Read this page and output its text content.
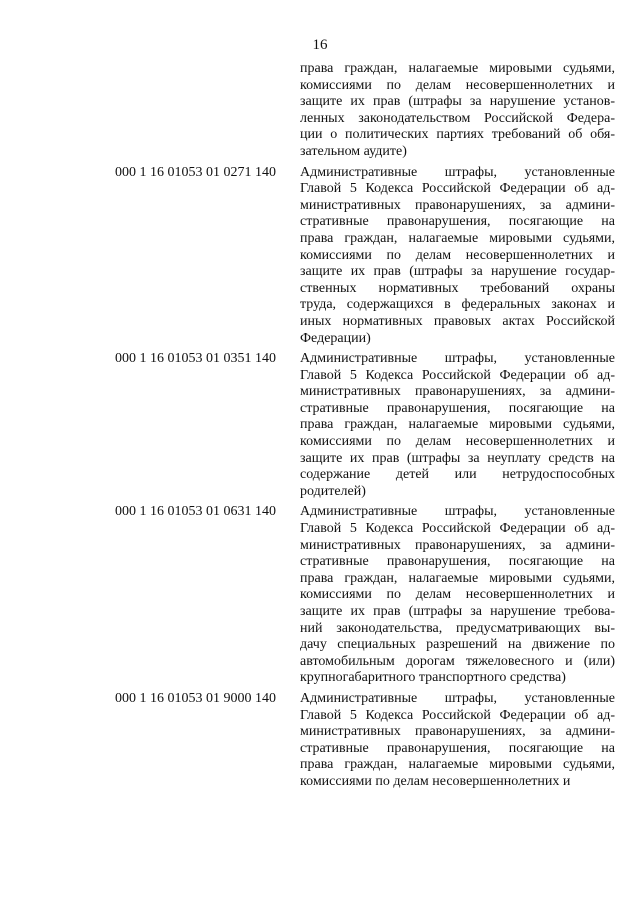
16
права граждан, налагаемые мировыми судьями,
комиссиями по делам несовершеннолетних и
защите их прав (штрафы за нарушение установ-
ленных законодательством Российской Федера-
ции о политических партиях требований об обя-
зательном аудите)
000 1 16 01053 01 0271 140	Административные штрафы, установленные
Главой 5 Кодекса Российской Федерации об ад-
министративных правонарушениях, за админи-
стративные правонарушения, посягающие на
права граждан, налагаемые мировыми судьями,
комиссиями по делам несовершеннолетних и
защите их прав (штрафы за нарушение государ-
ственных нормативных требований охраны
труда, содержащихся в федеральных законах и
иных нормативных правовых актах Российской
Федерации)
000 1 16 01053 01 0351 140	Административные штрафы, установленные
Главой 5 Кодекса Российской Федерации об ад-
министративных правонарушениях, за админи-
стративные правонарушения, посягающие на
права граждан, налагаемые мировыми судьями,
комиссиями по делам несовершеннолетних и
защите их прав (штрафы за неуплату средств на
содержание детей или нетрудоспособных
родителей)
000 1 16 01053 01 0631 140	Административные штрафы, установленные
Главой 5 Кодекса Российской Федерации об ад-
министративных правонарушениях, за админи-
стративные правонарушения, посягающие на
права граждан, налагаемые мировыми судьями,
комиссиями по делам несовершеннолетних и
защите их прав (штрафы за нарушение требова-
ний законодательства, предусматривающих вы-
дачу специальных разрешений на движение по
автомобильным дорогам тяжеловесного и (или)
крупногабаритного транспортного средства)
000 1 16 01053 01 9000 140	Административные штрафы, установленные
Главой 5 Кодекса Российской Федерации об ад-
министративных правонарушениях, за админи-
стративные правонарушения, посягающие на
права граждан, налагаемые мировыми судьями,
комиссиями по делам несовершеннолетних и
